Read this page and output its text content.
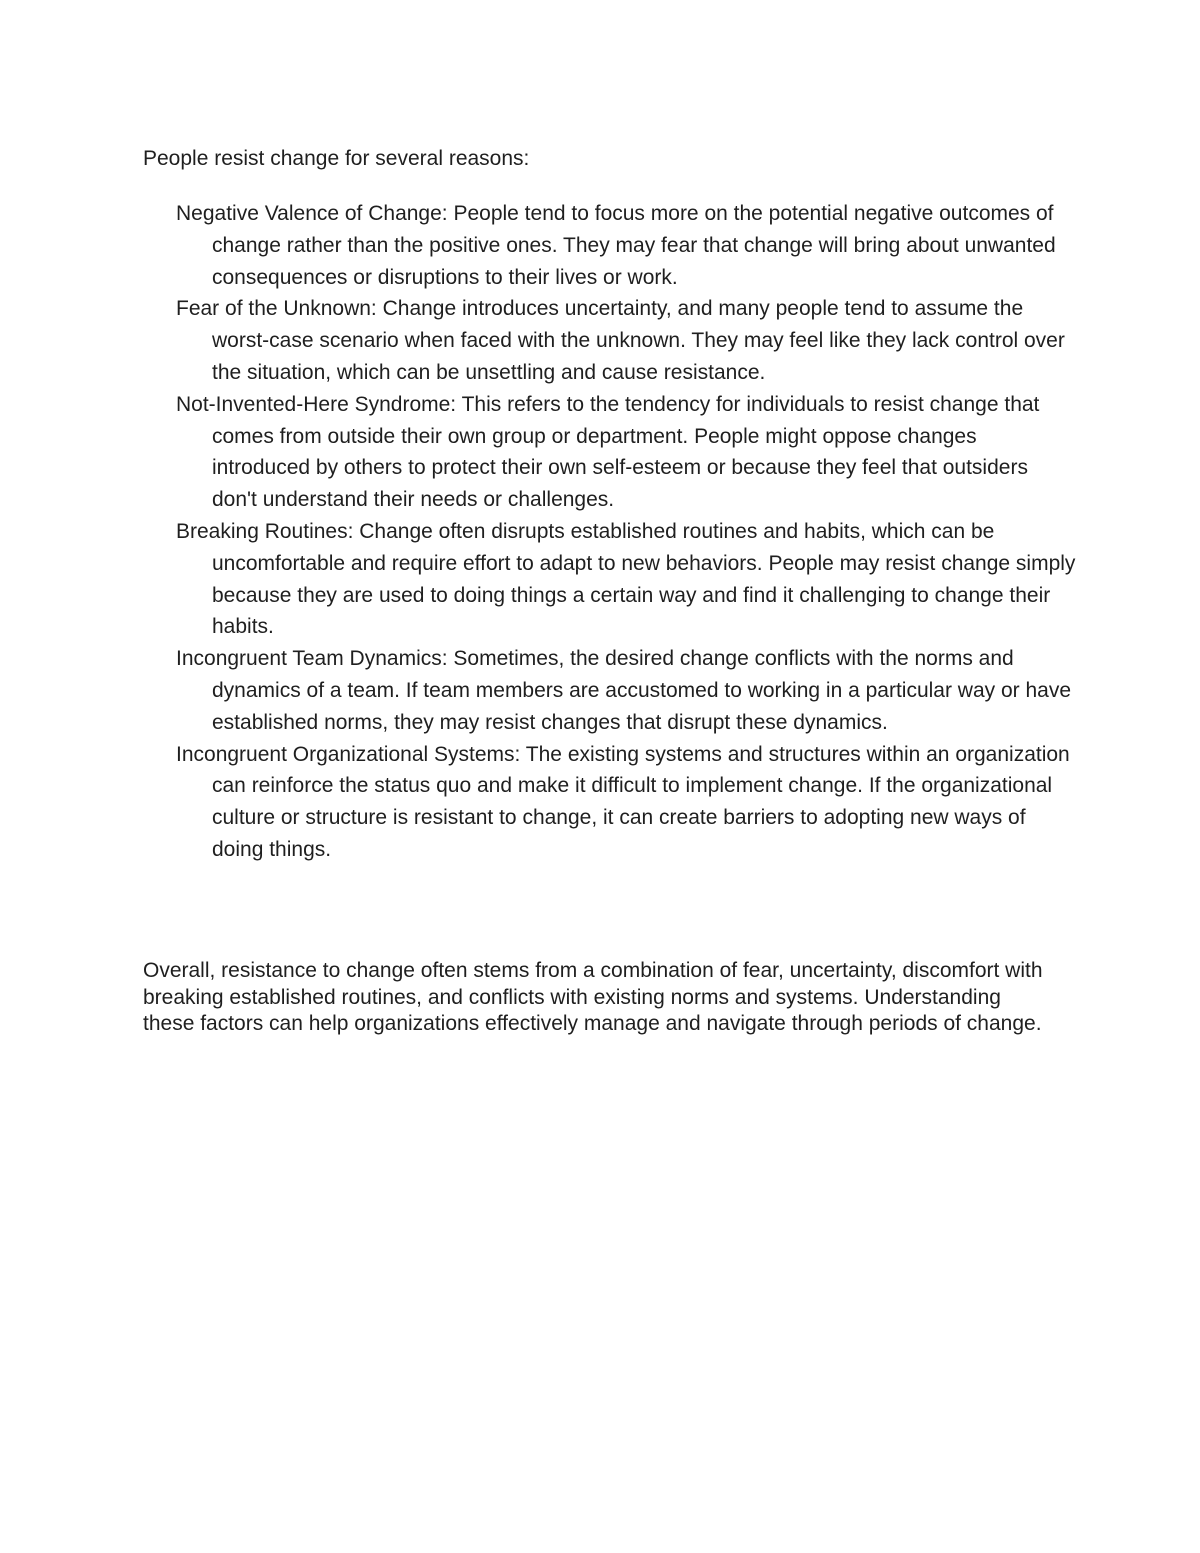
People resist change for several reasons:

Negative Valence of Change: People tend to focus more on the potential negative outcomes of change rather than the positive ones. They may fear that change will bring about unwanted consequences or disruptions to their lives or work.
Fear of the Unknown: Change introduces uncertainty, and many people tend to assume the worst-case scenario when faced with the unknown. They may feel like they lack control over the situation, which can be unsettling and cause resistance.
Not-Invented-Here Syndrome: This refers to the tendency for individuals to resist change that comes from outside their own group or department. People might oppose changes introduced by others to protect their own self-esteem or because they feel that outsiders don't understand their needs or challenges.
Breaking Routines: Change often disrupts established routines and habits, which can be uncomfortable and require effort to adapt to new behaviors. People may resist change simply because they are used to doing things a certain way and find it challenging to change their habits.
Incongruent Team Dynamics: Sometimes, the desired change conflicts with the norms and dynamics of a team. If team members are accustomed to working in a particular way or have established norms, they may resist changes that disrupt these dynamics.
Incongruent Organizational Systems: The existing systems and structures within an organization can reinforce the status quo and make it difficult to implement change. If the organizational culture or structure is resistant to change, it can create barriers to adopting new ways of doing things.

Overall, resistance to change often stems from a combination of fear, uncertainty, discomfort with breaking established routines, and conflicts with existing norms and systems. Understanding these factors can help organizations effectively manage and navigate through periods of change.
